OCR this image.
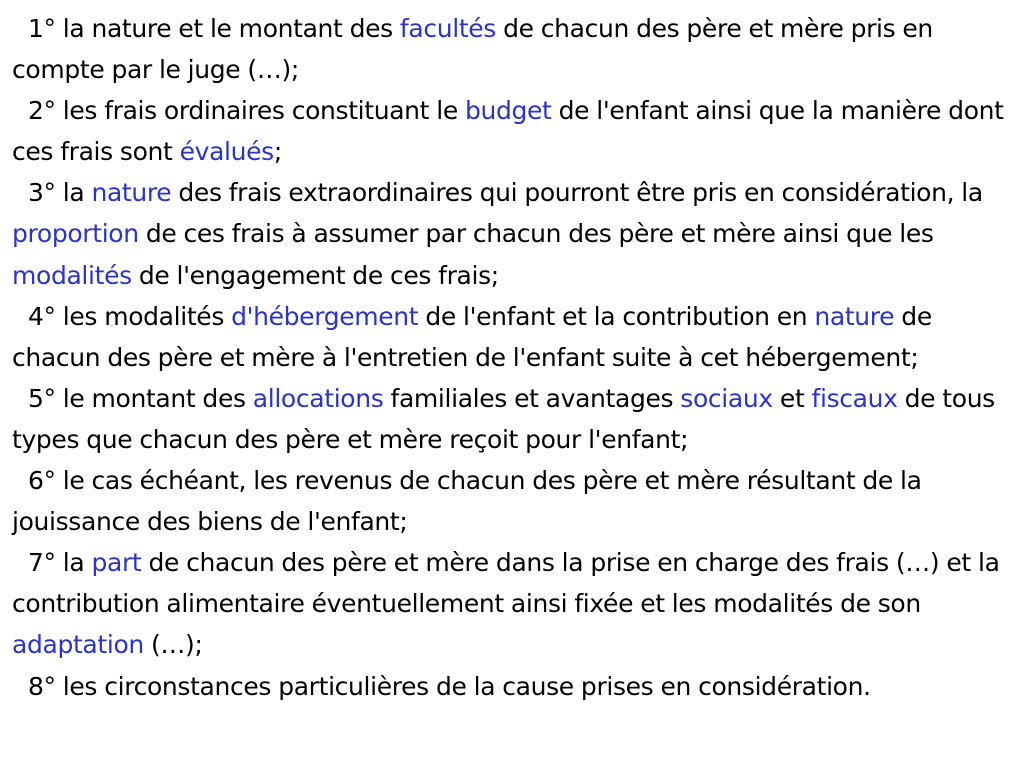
1° la nature et le montant des facultés de chacun des père et mère pris en compte par le juge (…);

2° les frais ordinaires constituant le budget de l'enfant ainsi que la manière dont ces frais sont évalués;

3° la nature des frais extraordinaires qui pourront être pris en considération, la proportion de ces frais à assumer par chacun des père et mère ainsi que les modalités de l'engagement de ces frais;

4° les modalités d'hébergement de l'enfant et la contribution en nature de chacun des père et mère à l'entretien de l'enfant suite à cet hébergement;

5° le montant des allocations familiales et avantages sociaux et fiscaux de tous types que chacun des père et mère reçoit pour l'enfant;

6° le cas échéant, les revenus de chacun des père et mère résultant de la jouissance des biens de l'enfant;

7° la part de chacun des père et mère dans la prise en charge des frais (…) et la contribution alimentaire éventuellement ainsi fixée et les modalités de son adaptation (…);

8° les circonstances particulières de la cause prises en considération.
